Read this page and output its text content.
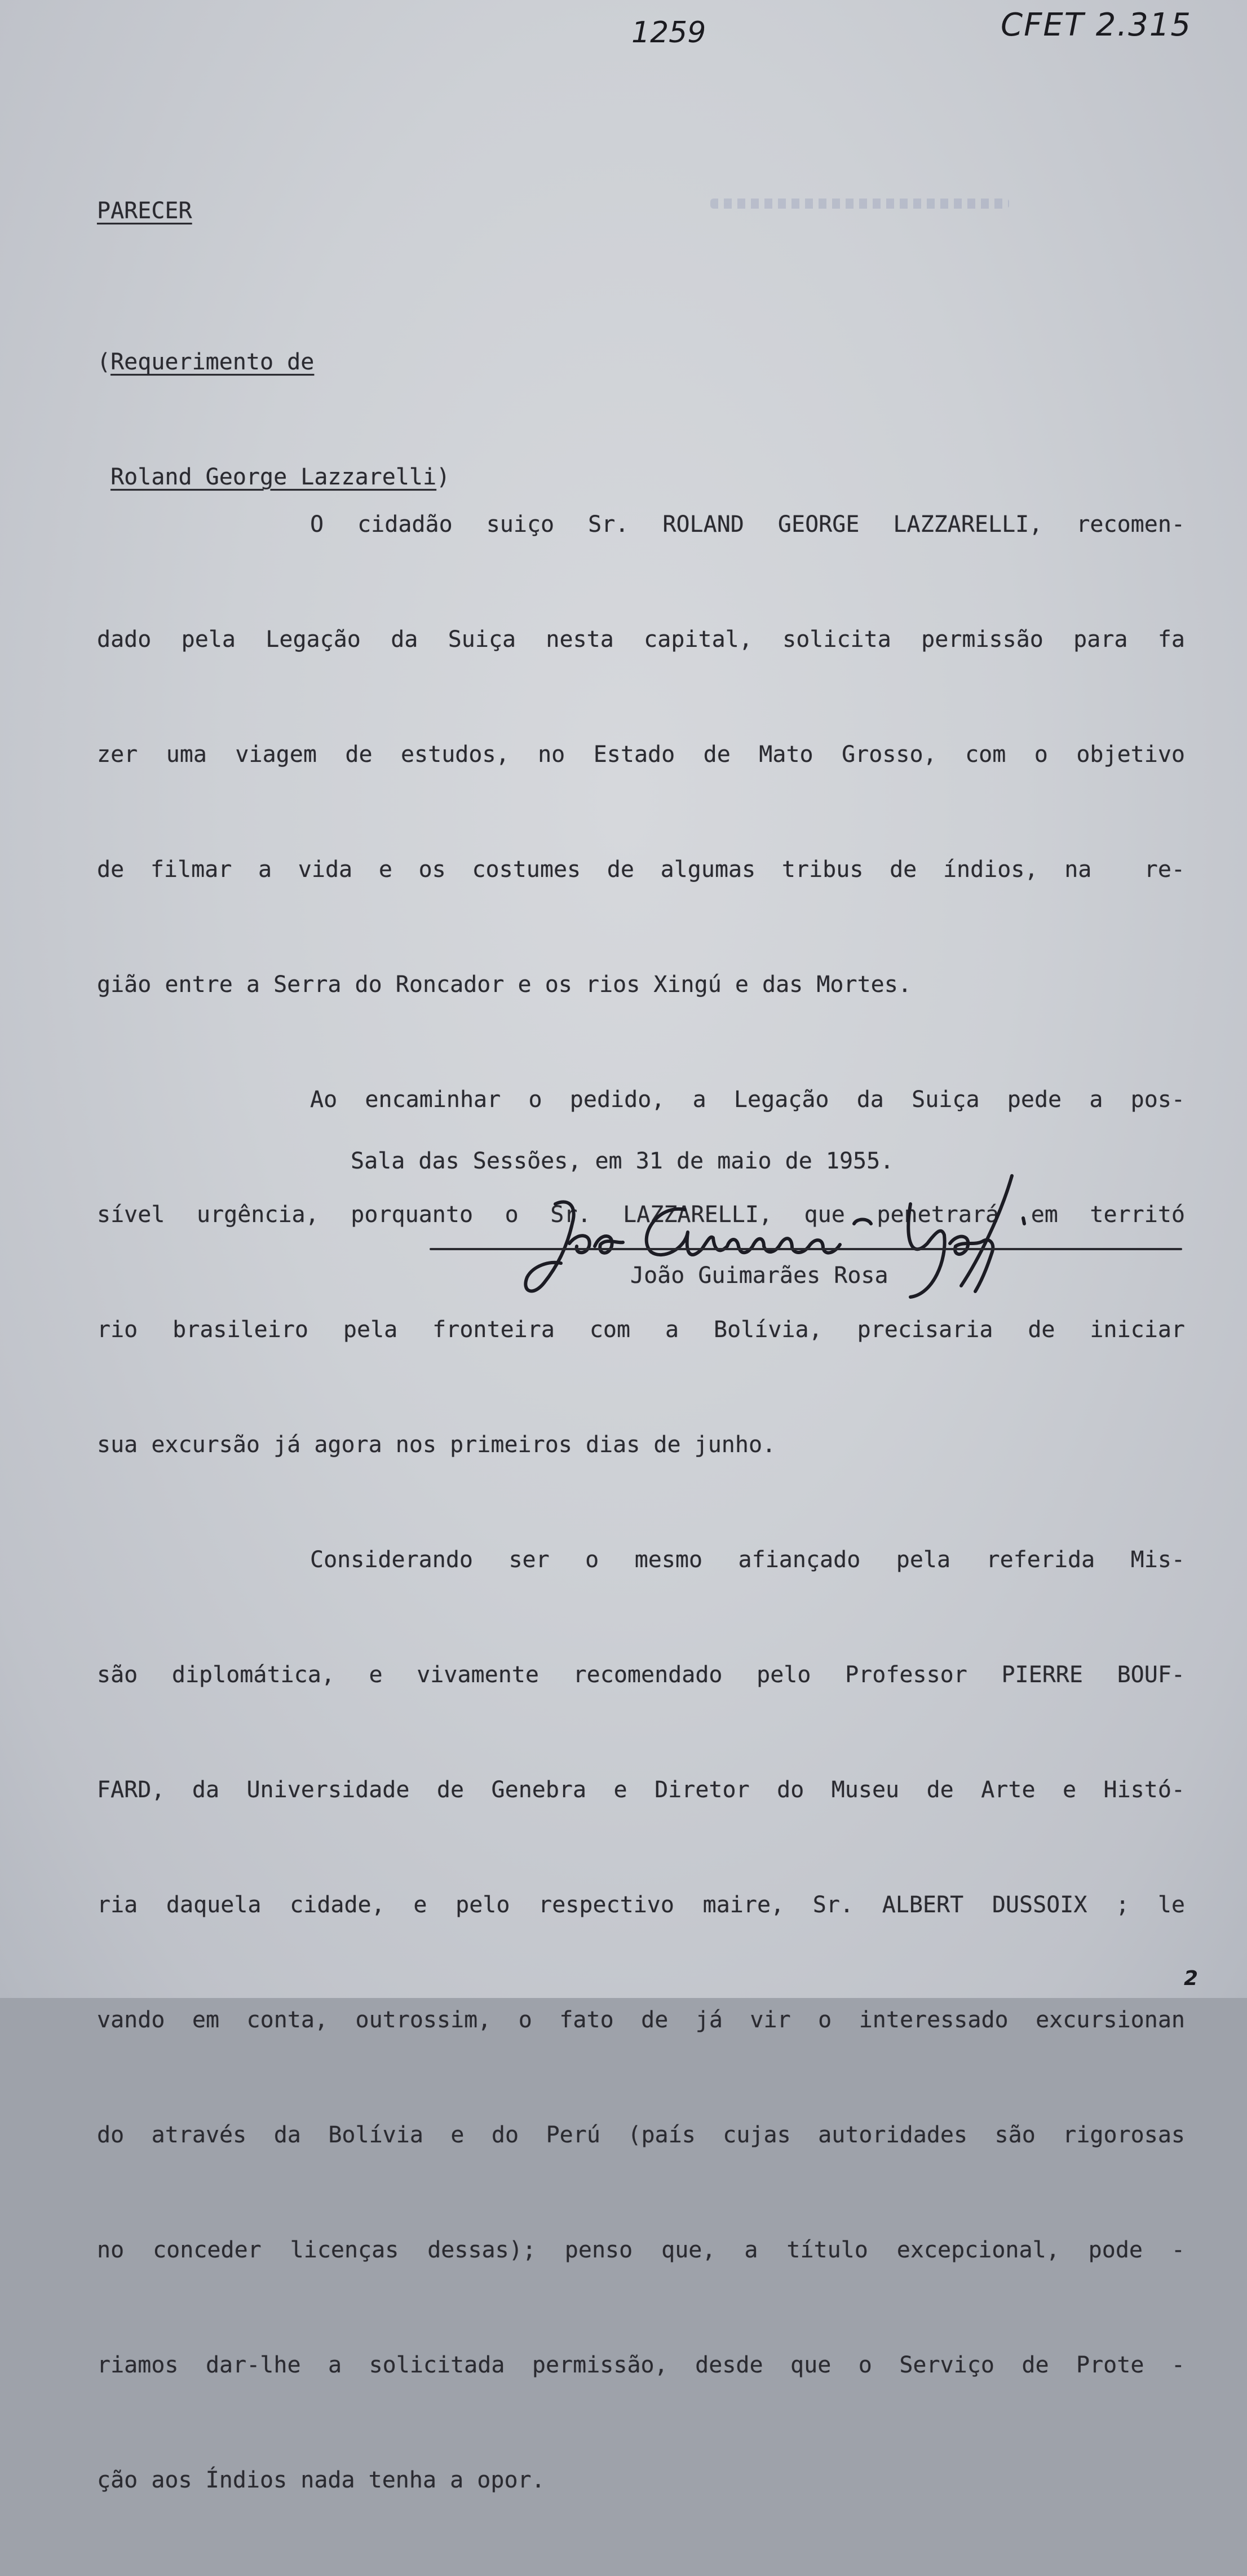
1259	CFET 2.315
PARECER

(Requerimento de

Roland George Lazzarelli)

O cidadão suiço Sr. ROLAND GEORGE LAZZARELLI, recomen-

dado pela Legação da Suiça nesta capital, solicita permissão para fa

zer uma viagem de estudos, no Estado de Mato Grosso, com o objetivo

de filmar a vida e os costumes de algumas tribus de índios, na  re-

gião entre a Serra do Roncador e os rios Xingú e das Mortes.

Ao encaminhar o pedido, a Legação da Suiça pede a pos-

sível urgência, porquanto o Sr. LAZZARELLI, que penetrará em territó

rio brasileiro pela fronteira com a Bolívia, precisaria de iniciar

sua excursão já agora nos primeiros dias de junho.

Considerando ser o mesmo afiançado pela referida Mis-

são diplomática, e vivamente recomendado pelo Professor PIERRE BOUF-

FARD, da Universidade de Genebra e Diretor do Museu de Arte e Histó-

ria daquela cidade, e pelo respectivo maire, Sr. ALBERT DUSSOIX ; le

vando em conta, outrossim, o fato de já vir o interessado excursionan

do através da Bolívia e do Perú (país cujas autoridades são rigorosas

no conceder licenças dessas); penso que, a título excepcional, pode -

riamos dar-lhe a solicitada permissão, desde que o Serviço de Prote -

ção aos Índios nada tenha a opor.

Sala das Sessões, em 31 de maio de 1955.
João Guimarães Rosa
2
